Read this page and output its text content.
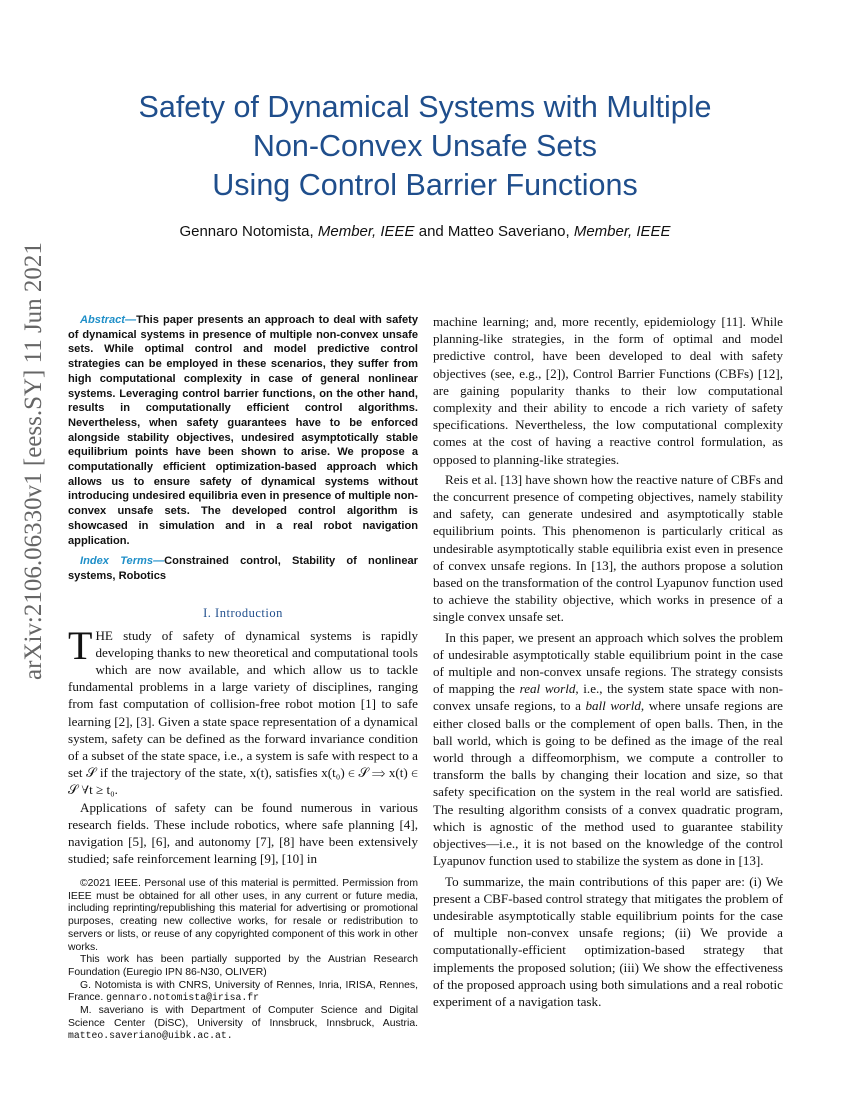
Safety of Dynamical Systems with Multiple
Non-Convex Unsafe Sets
Using Control Barrier Functions
Gennaro Notomista, Member, IEEE and Matteo Saveriano, Member, IEEE
arXiv:2106.06330v1 [eess.SY] 11 Jun 2021	Abstract—This paper presents an approach to deal with safety of dynamical systems in presence of multiple non-convex unsafe sets. While optimal control and model predictive control strategies can be employed in these scenarios, they suffer from high computational complexity in case of general nonlinear systems. Leveraging control barrier functions, on the other hand, results in computationally efficient control algorithms. Nevertheless, when safety guarantees have to be enforced alongside stability objectives, undesired asymptotically stable equilibrium points have been shown to arise. We propose a computationally efficient optimization-based approach which allows us to ensure safety of dynamical systems without introducing undesired equilibria even in presence of multiple non-convex unsafe sets. The developed control algorithm is showcased in simulation and in a real robot navigation application.

Index Terms—Constrained control, Stability of nonlinear systems, Robotics

I. Introduction

THE study of safety of dynamical systems is rapidly developing thanks to new theoretical and computational tools which are now available, and which allow us to tackle fundamental problems in a large variety of disciplines, ranging from fast computation of collision-free robot motion [1] to safe learning [2], [3]. Given a state space representation of a dynamical system, safety can be defined as the forward invariance condition of a subset of the state space, i.e., a system is safe with respect to a set 𝒮 if the trajectory of the state, x(t), satisfies x(t₀) ∈ 𝒮 ⟹ x(t) ∈ 𝒮 ∀t ≥ t₀.

Applications of safety can be found numerous in various research fields. These include robotics, where safe planning [4], navigation [5], [6], and autonomy [7], [8] have been extensively studied; safe reinforcement learning [9], [10] in

©2021 IEEE. Personal use of this material is permitted. Permission from IEEE must be obtained for all other uses, in any current or future media, including reprinting/republishing this material for advertising or promotional purposes, creating new collective works, for resale or redistribution to servers or lists, or reuse of any copyrighted component of this work in other works.

This work has been partially supported by the Austrian Research Foundation (Euregio IPN 86-N30, OLIVER)

G. Notomista is with CNRS, University of Rennes, Inria, IRISA, Rennes, France. gennaro.notomista@irisa.fr

M. saveriano is with Department of Computer Science and Digital Science Center (DiSC), University of Innsbruck, Innsbruck, Austria. matteo.saveriano@uibk.ac.at.

machine learning; and, more recently, epidemiology [11]. While planning-like strategies, in the form of optimal and model predictive control, have been developed to deal with safety objectives (see, e.g., [2]), Control Barrier Functions (CBFs) [12], are gaining popularity thanks to their low computational complexity and their ability to encode a rich variety of safety specifications. Nevertheless, the low computational complexity comes at the cost of having a reactive control formulation, as opposed to planning-like strategies.

Reis et al. [13] have shown how the reactive nature of CBFs and the concurrent presence of competing objectives, namely stability and safety, can generate undesired and asymptotically stable equilibrium points. This phenomenon is particularly critical as undesirable asymptotically stable equilibria exist even in presence of convex unsafe regions. In [13], the authors propose a solution based on the transformation of the control Lyapunov function used to achieve the stability objective, which works in presence of a single convex unsafe set.

In this paper, we present an approach which solves the problem of undesirable asymptotically stable equilibrium point in the case of multiple and non-convex unsafe regions. The strategy consists of mapping the real world, i.e., the system state space with non-convex unsafe regions, to a ball world, where unsafe regions are either closed balls or the complement of open balls. Then, in the ball world, which is going to be defined as the image of the real world through a diffeomorphism, we compute a controller to transform the balls by changing their location and size, so that safety specification on the system in the real world are satisfied. The resulting algorithm consists of a convex quadratic program, which is agnostic of the method used to guarantee stability objectives—i.e., it is not based on the knowledge of the control Lyapunov function used to stabilize the system as done in [13].

To summarize, the main contributions of this paper are: (i) We present a CBF-based control strategy that mitigates the problem of undesirable asymptotically stable equilibrium points for the case of multiple non-convex unsafe regions; (ii) We provide a computationally-efficient optimization-based strategy that implements the proposed solution; (iii) We show the effectiveness of the proposed approach using both simulations and a real robotic experiment of a navigation task.
